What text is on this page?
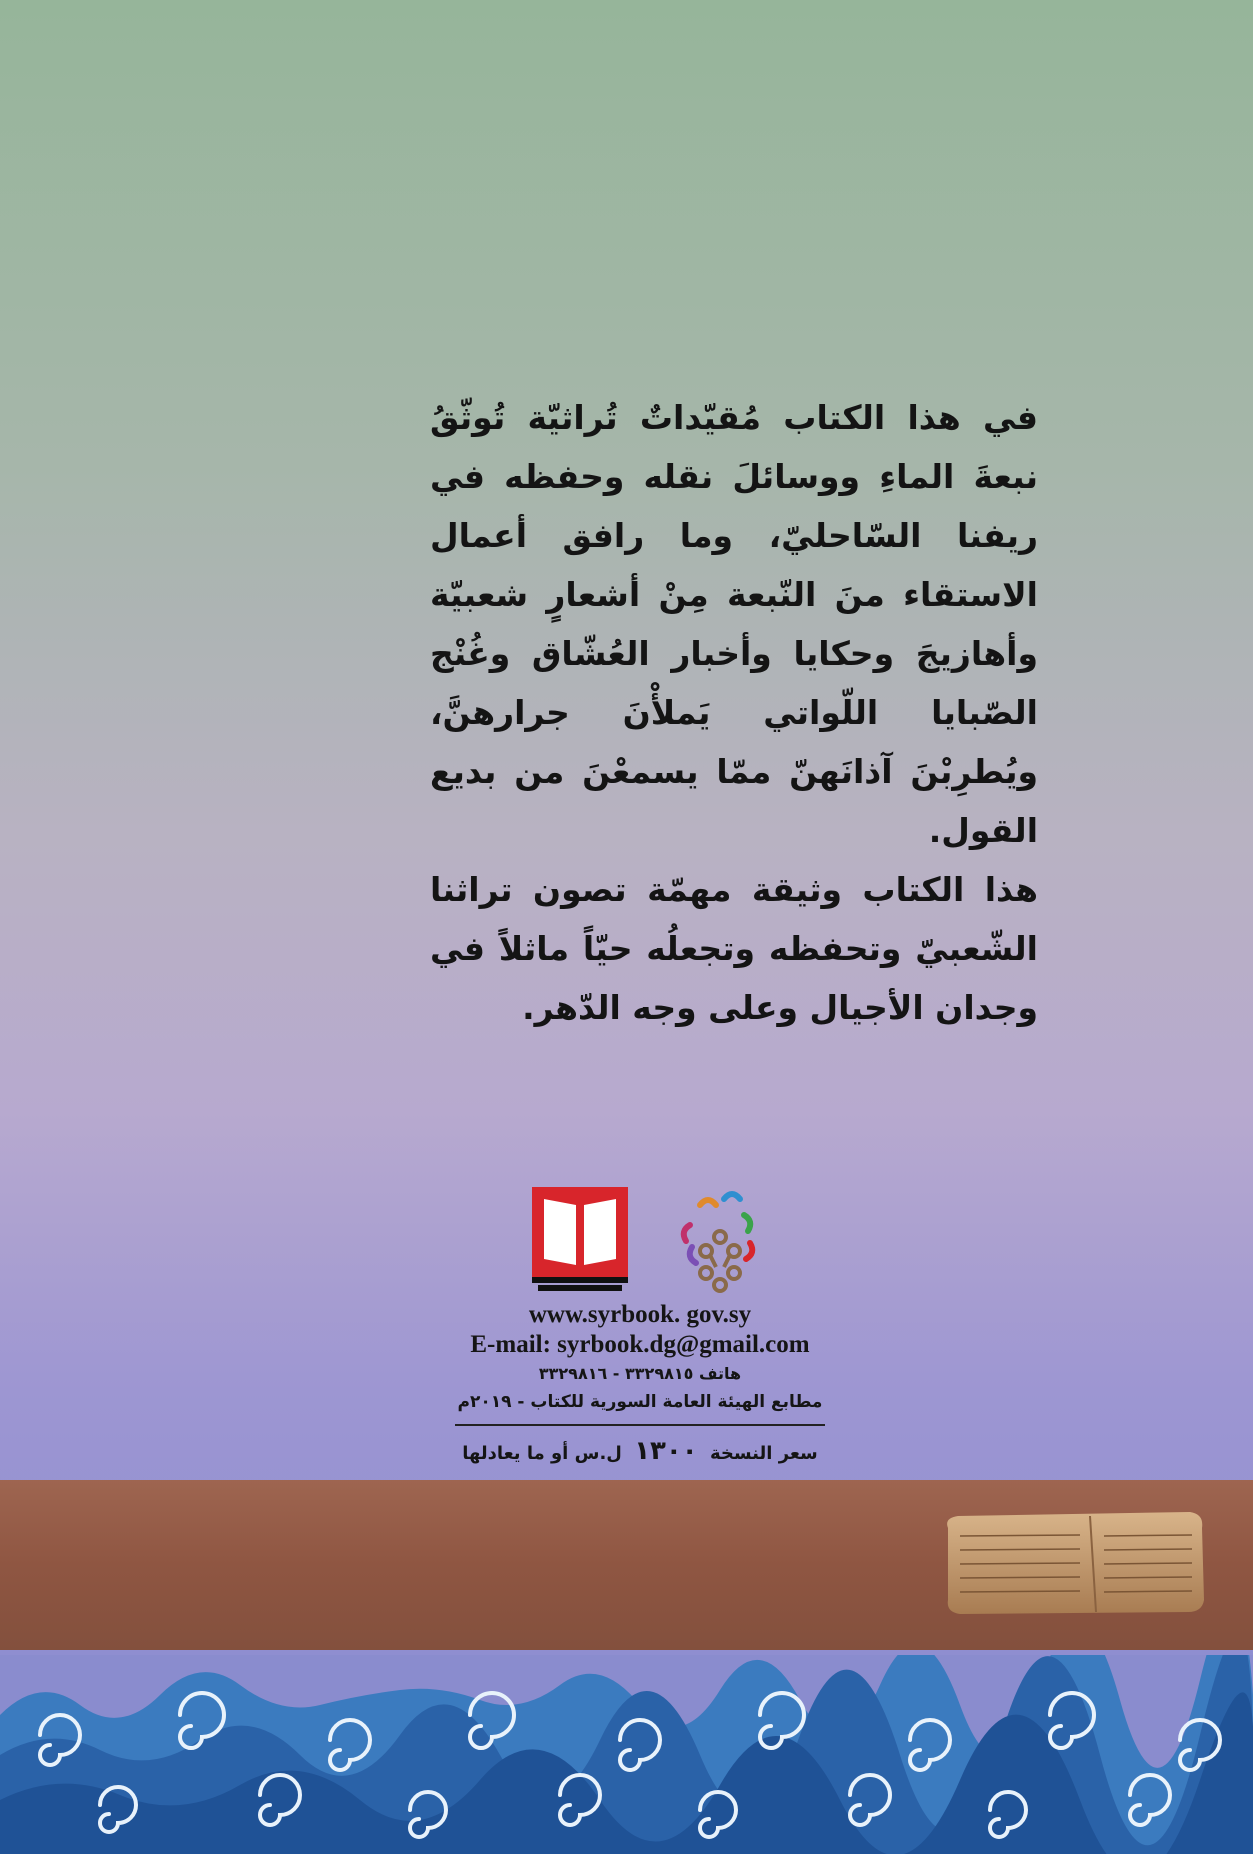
في هذا الكتاب مُقيّداتٌ تُراثيّة تُوثّقُ نبعةَ الماءِ ووسائلَ نقله وحفظه في ريفنا السّاحليّ، وما رافق أعمال الاستقاء منَ النّبعة مِنْ أشعارٍ شعبيّة وأهازيجَ وحكايا وأخبار العُشّاق وغُنْج الصّبايا اللّواتي يَملأْنَ جرارهنَّ، ويُطرِبْنَ آذانَهنّ ممّا يسمعْنَ من بديع القول.

هذا الكتاب وثيقة مهمّة تصون تراثنا الشّعبيّ وتحفظه وتجعلُه حيّاً ماثلاً في وجدان الأجيال وعلى وجه الدّهر.

www.syrbook. gov.sy
E-mail: syrbook.dg@gmail.com
هاتف ٣٣٢٩٨١٥ - ٣٣٢٩٨١٦
مطابع الهيئة العامة السورية للكتاب - ٢٠١٩م
سعر النسخة ١٣٠٠ ل.س أو ما يعادلها
